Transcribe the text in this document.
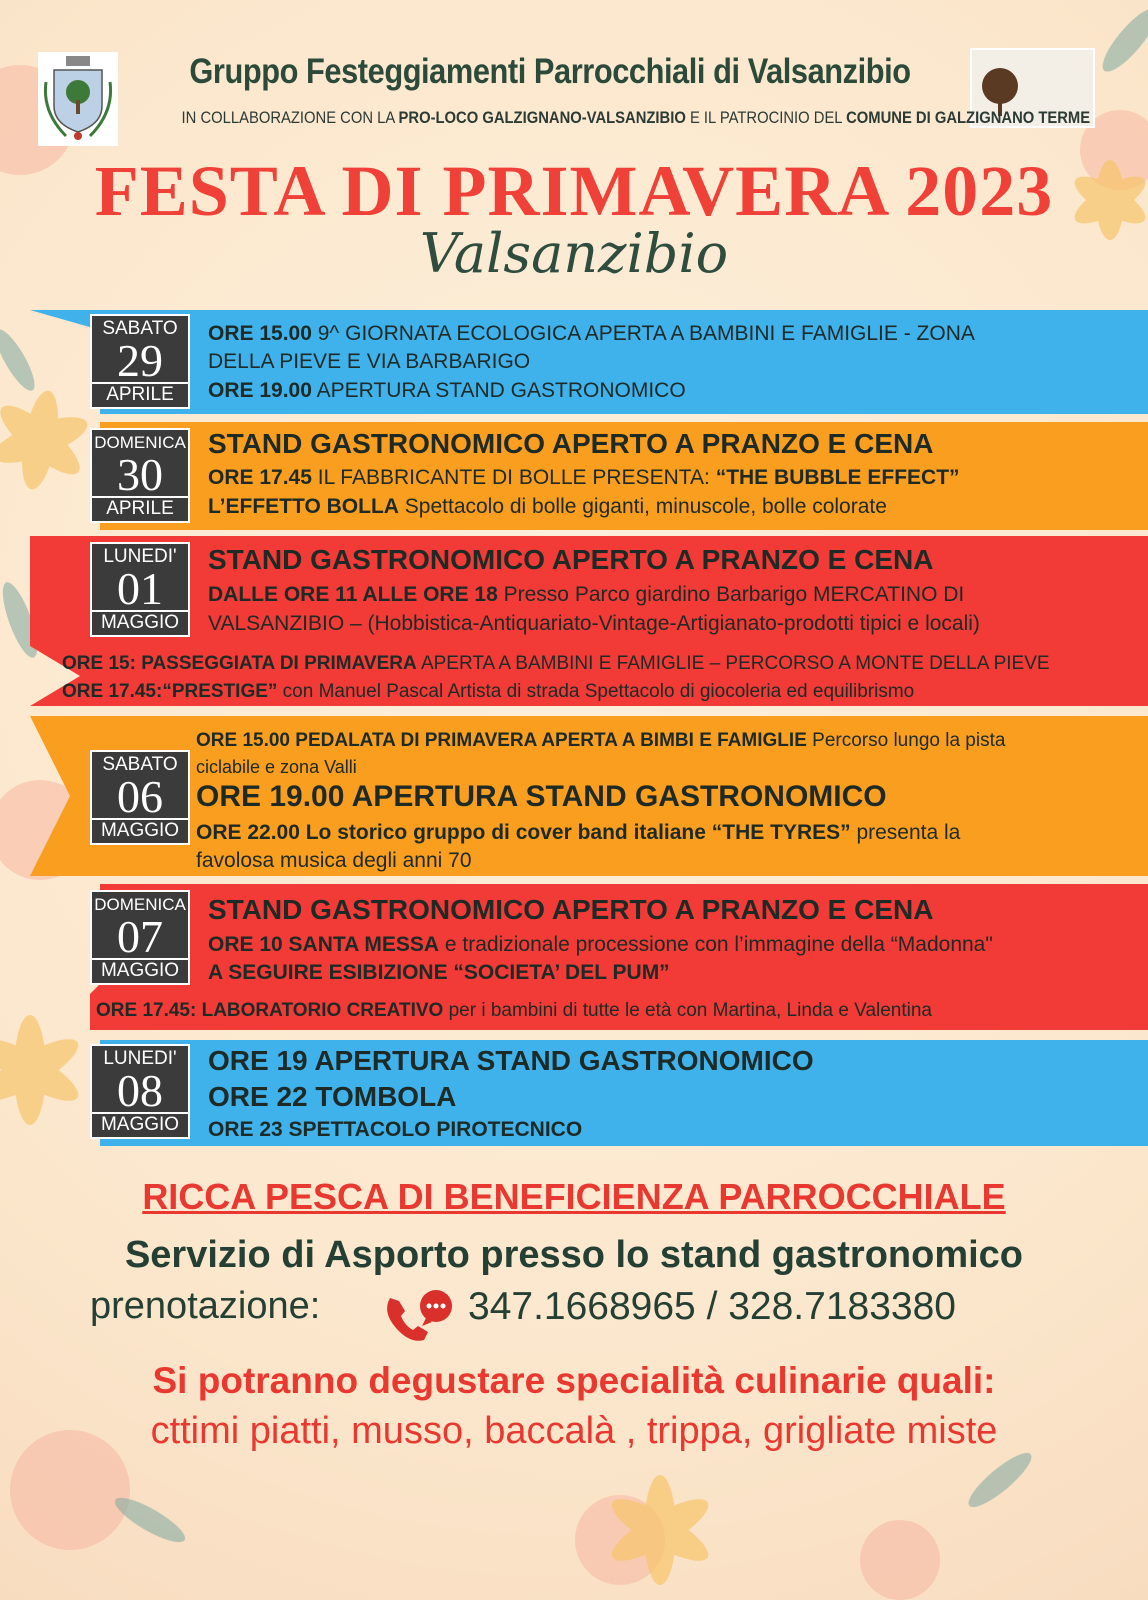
Gruppo Festeggiamenti Parrocchiali di Valsanzibio
IN COLLABORAZIONE CON LA PRO-LOCO GALZIGNANO-VALSANZIBIO E IL PATROCINIO DEL COMUNE DI GALZIGNANO TERME
FESTA DI PRIMAVERA 2023
Valsanzibio
SABATO
29
APRILE
ORE 15.00 9^ GIORNATA ECOLOGICA APERTA A BAMBINI E FAMIGLIE - ZONA
DELLA PIEVE E VIA BARBARIGO
ORE 19.00 APERTURA STAND GASTRONOMICO
DOMENICA
30
APRILE
STAND GASTRONOMICO APERTO A PRANZO E CENA
ORE 17.45 IL FABBRICANTE DI BOLLE PRESENTA: “THE BUBBLE EFFECT”
L’EFFETTO BOLLA Spettacolo di bolle giganti, minuscole, bolle colorate
LUNEDI'
01
MAGGIO
STAND GASTRONOMICO APERTO A PRANZO E CENA
DALLE ORE 11 ALLE ORE 18 Presso Parco giardino Barbarigo MERCATINO DI
VALSANZIBIO – (Hobbistica-Antiquariato-Vintage-Artigianato-prodotti tipici e locali)
ORE 15: PASSEGGIATA DI PRIMAVERA APERTA A BAMBINI E FAMIGLIE – PERCORSO A MONTE DELLA PIEVE
ORE 17.45:“PRESTIGE” con Manuel Pascal Artista di strada Spettacolo di giocoleria ed equilibrismo
SABATO
06
MAGGIO
ORE 15.00 PEDALATA DI PRIMAVERA APERTA A BIMBI E FAMIGLIE Percorso lungo la pista
ciclabile e zona Valli
ORE 19.00 APERTURA STAND GASTRONOMICO
ORE 22.00 Lo storico gruppo di cover band italiane “THE TYRES” presenta la
favolosa musica degli anni 70
DOMENICA
07
MAGGIO
STAND GASTRONOMICO APERTO A PRANZO E CENA
ORE 10 SANTA MESSA e tradizionale processione con l’immagine della “Madonna"
A SEGUIRE ESIBIZIONE “SOCIETA’ DEL PUM”
ORE 17.45: LABORATORIO CREATIVO per i bambini di tutte le età con Martina, Linda e Valentina
LUNEDI'
08
MAGGIO
ORE 19 APERTURA STAND GASTRONOMICO
ORE 22 TOMBOLA
ORE 23 SPETTACOLO PIROTECNICO
RICCA PESCA DI BENEFICIENZA PARROCCHIALE
Servizio di Asporto presso lo stand gastronomico
prenotazione:	347.1668965 / 328.7183380
Si potranno degustare specialità culinarie quali:
cttimi piatti, musso, baccalà , trippa, grigliate miste
